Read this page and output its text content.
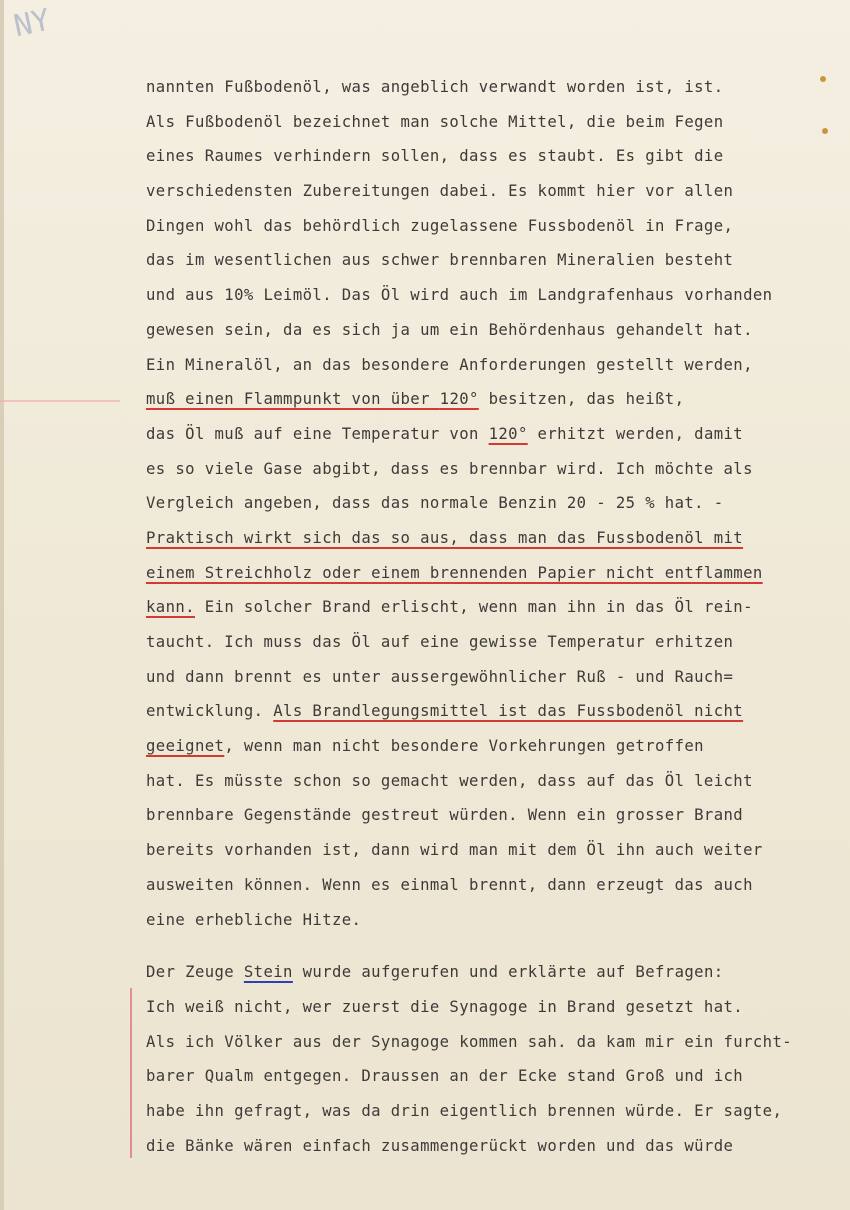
NY
nannten Fußbodenöl, was angeblich verwandt worden ist, ist.
Als Fußbodenöl bezeichnet man solche Mittel, die beim Fegen
eines Raumes verhindern sollen, dass es staubt. Es gibt die
verschiedensten Zubereitungen dabei. Es kommt hier vor allen
Dingen wohl das behördlich zugelassene Fussbodenöl in Frage,
das im wesentlichen aus schwer brennbaren Mineralien besteht
und aus 10% Leimöl. Das Öl wird auch im Landgrafenhaus vorhanden
gewesen sein, da es sich ja um ein Behördenhaus gehandelt hat.
Ein Mineralöl, an das besondere Anforderungen gestellt werden,
muß einen Flammpunkt von über 120° besitzen, das heißt,
das Öl muß auf eine Temperatur von 120° erhitzt werden, damit
es so viele Gase abgibt, dass es brennbar wird. Ich möchte als
Vergleich angeben, dass das normale Benzin 20 - 25 % hat. -
Praktisch wirkt sich das so aus, dass man das Fussbodenöl mit
einem Streichholz oder einem brennenden Papier nicht entflammen
kann. Ein solcher Brand erlischt, wenn man ihn in das Öl rein-
taucht. Ich muss das Öl auf eine gewisse Temperatur erhitzen
und dann brennt es unter aussergewöhnlicher Ruß - und Rauch=
entwicklung. Als Brandlegungsmittel ist das Fussbodenöl nicht
geeignet, wenn man nicht besondere Vorkehrungen getroffen
hat. Es müsste schon so gemacht werden, dass auf das Öl leicht
brennbare Gegenstände gestreut würden. Wenn ein grosser Brand
bereits vorhanden ist, dann wird man mit dem Öl ihn auch weiter
ausweiten können. Wenn es einmal brennt, dann erzeugt das auch
eine erhebliche Hitze.
Der Zeuge Stein wurde aufgerufen und erklärte auf Befragen:
Ich weiß nicht, wer zuerst die Synagoge in Brand gesetzt hat.
Als ich Völker aus der Synagoge kommen sah. da kam mir ein furcht-
barer Qualm entgegen. Draussen an der Ecke stand Groß und ich
habe ihn gefragt, was da drin eigentlich brennen würde. Er sagte,
die Bänke wären einfach zusammengerückt worden und das würde
